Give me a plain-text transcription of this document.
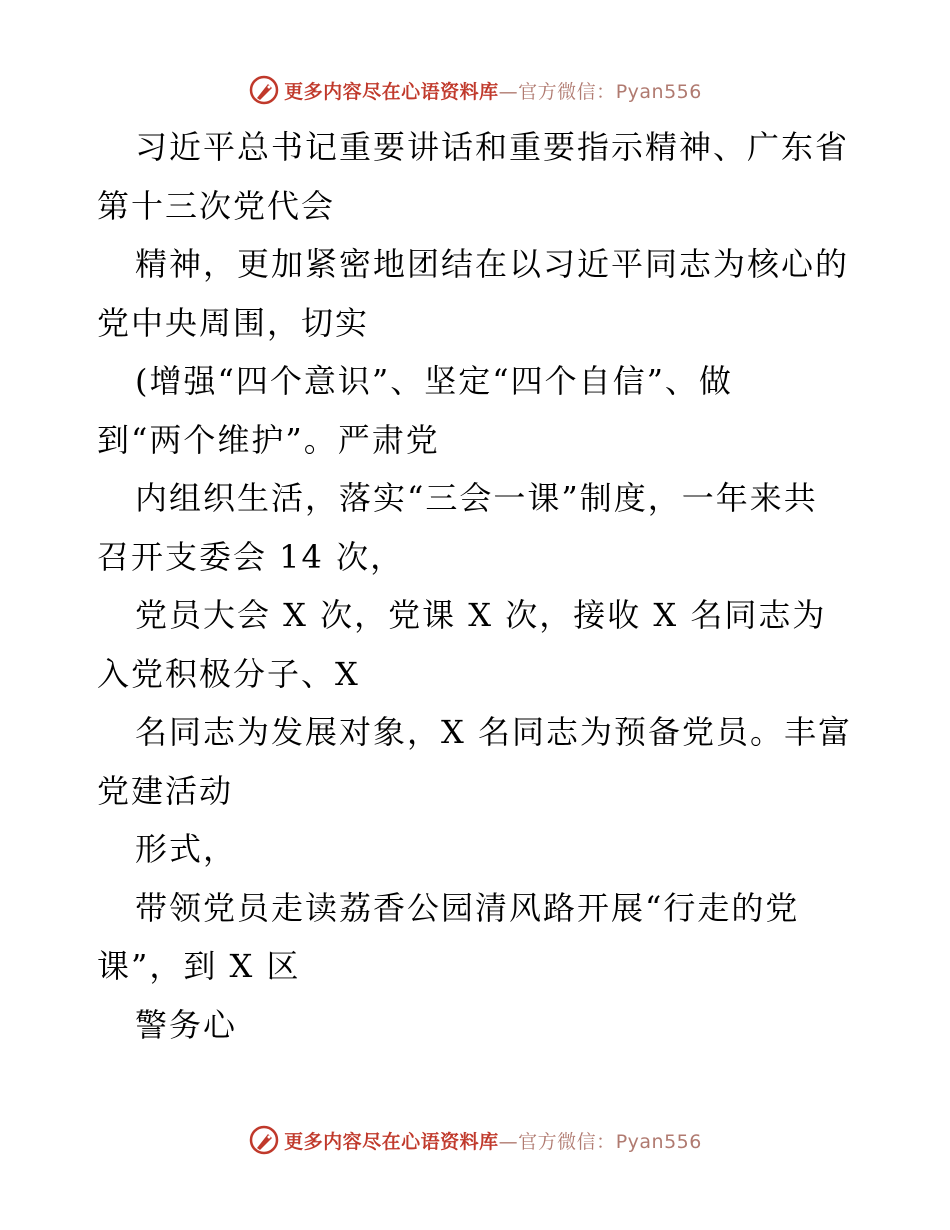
更多内容尽在心语资料库—官方微信：Pyan556
习近平总书记重要讲话和重要指示精神、广东省
第十三次党代会
精神，更加紧密地团结在以习近平同志为核心的
党中央周围，切实
(增强“四个意识”、坚定“四个自信”、做
到“两个维护”。严肃党
内组织生活，落实“三会一课”制度，一年来共
召开支委会 14 次，
党员大会 X 次，党课 X 次，接收 X 名同志为
入党积极分子、X
名同志为发展对象，X 名同志为预备党员。丰富
党建活动
形式，
带领党员走读荔香公园清风路开展“行走的党
课”，到 X 区
警务心
更多内容尽在心语资料库—官方微信：Pyan556
